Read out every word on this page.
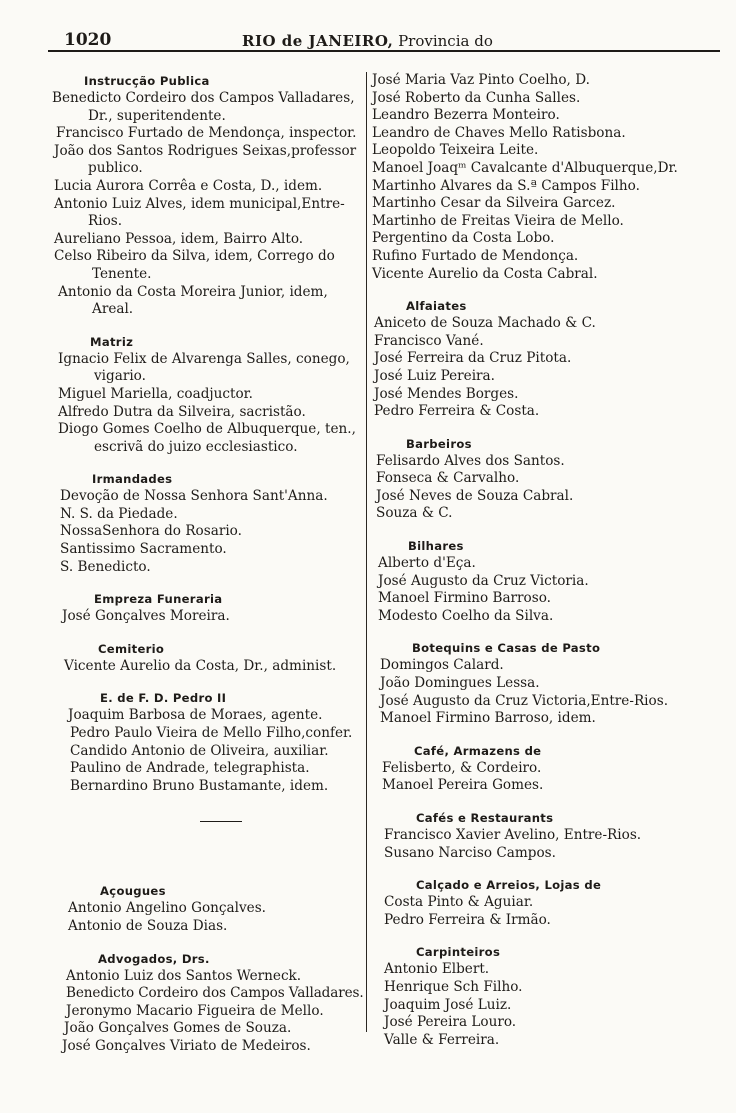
1020	RIO de JANEIRO, Provincia do
Instrucção Publica
Benedicto Cordeiro dos Campos Valladares,
Dr., superitendente.
Francisco Furtado de Mendonça, inspector.
João dos Santos Rodrigues Seixas,professor
publico.
Lucia Aurora Corrêa e Costa, D., idem.
Antonio Luiz Alves, idem municipal,Entre-
Rios.
Aureliano Pessoa, idem, Bairro Alto.
Celso Ribeiro da Silva, idem, Corrego do
Tenente.
Antonio da Costa Moreira Junior, idem,
Areal.
Matriz
Ignacio Felix de Alvarenga Salles, conego,
vigario.
Miguel Mariella, coadjuctor.
Alfredo Dutra da Silveira, sacristão.
Diogo Gomes Coelho de Albuquerque, ten.,
escrivã do juizo ecclesiastico.
Irmandades
Devoção de Nossa Senhora Sant'Anna.
N. S. da Piedade.
NossaSenhora do Rosario.
Santissimo Sacramento.
S. Benedicto.
Empreza Funeraria
José Gonçalves Moreira.
Cemiterio
Vicente Aurelio da Costa, Dr., administ.
E. de F. D. Pedro II
Joaquim Barbosa de Moraes, agente.
Pedro Paulo Vieira de Mello Filho,confer.
Candido Antonio de Oliveira, auxiliar.
Paulino de Andrade, telegraphista.
Bernardino Bruno Bustamante, idem.
Açougues
Antonio Angelino Gonçalves.
Antonio de Souza Dias.
Advogados, Drs.
Antonio Luiz dos Santos Werneck.
Benedicto Cordeiro dos Campos Valladares.
Jeronymo Macario Figueira de Mello.
João Gonçalves Gomes de Souza.
José Gonçalves Viriato de Medeiros.
José Maria Vaz Pinto Coelho, D.
José Roberto da Cunha Salles.
Leandro Bezerra Monteiro.
Leandro de Chaves Mello Ratisbona.
Leopoldo Teixeira Leite.
Manoel Joaqᵐ Cavalcante d'Albuquerque,Dr.
Martinho Alvares da S.ª Campos Filho.
Martinho Cesar da Silveira Garcez.
Martinho de Freitas Vieira de Mello.
Pergentino da Costa Lobo.
Rufino Furtado de Mendonça.
Vicente Aurelio da Costa Cabral.
Alfaiates
Aniceto de Souza Machado & C.
Francisco Vané.
José Ferreira da Cruz Pitota.
José Luiz Pereira.
José Mendes Borges.
Pedro Ferreira & Costa.
Barbeiros
Felisardo Alves dos Santos.
Fonseca & Carvalho.
José Neves de Souza Cabral.
Souza & C.
Bilhares
Alberto d'Eça.
José Augusto da Cruz Victoria.
Manoel Firmino Barroso.
Modesto Coelho da Silva.
Botequins e Casas de Pasto
Domingos Calard.
João Domingues Lessa.
José Augusto da Cruz Victoria,Entre-Rios.
Manoel Firmino Barroso, idem.
Café, Armazens de
Felisberto, & Cordeiro.
Manoel Pereira Gomes.
Cafés e Restaurants
Francisco Xavier Avelino, Entre-Rios.
Susano Narciso Campos.
Calçado e Arreios, Lojas de
Costa Pinto & Aguiar.
Pedro Ferreira & Irmão.
Carpinteiros
Antonio Elbert.
Henrique Sch Filho.
Joaquim José Luiz.
José Pereira Louro.
Valle & Ferreira.
